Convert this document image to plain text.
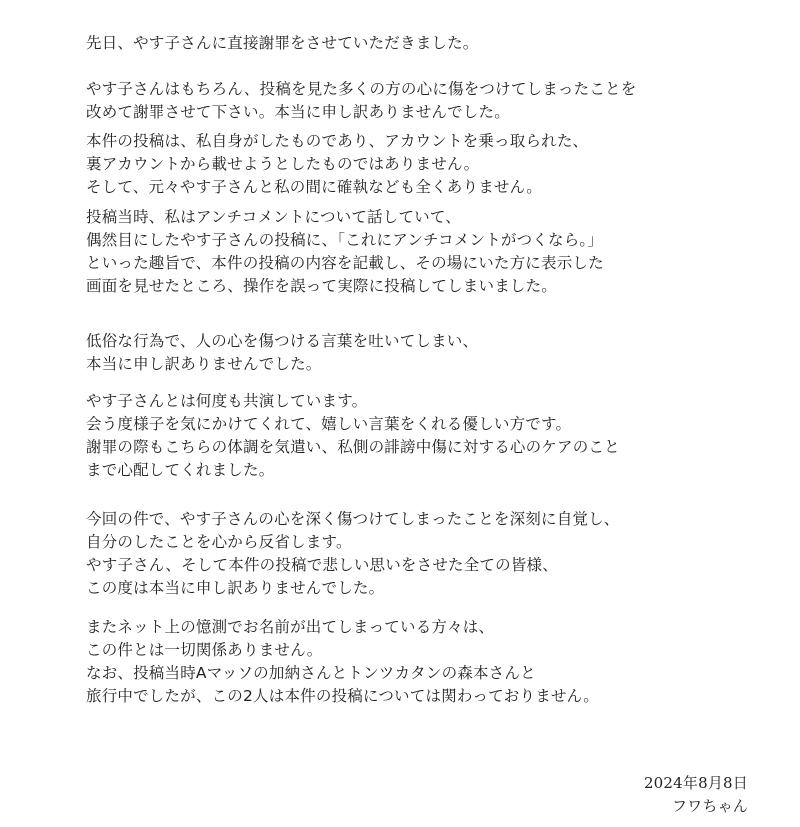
先日、やす子さんに直接謝罪をさせていただきました。
やす子さんはもちろん、投稿を見た多くの方の心に傷をつけてしまったことを
改めて謝罪させて下さい。本当に申し訳ありませんでした。
本件の投稿は、私自身がしたものであり、アカウントを乗っ取られた、
裏アカウントから載せようとしたものではありません。
そして、元々やす子さんと私の間に確執なども全くありません。
投稿当時、私はアンチコメントについて話していて、
偶然目にしたやす子さんの投稿に、「これにアンチコメントがつくなら。」
といった趣旨で、本件の投稿の内容を記載し、その場にいた方に表示した
画面を見せたところ、操作を誤って実際に投稿してしまいました。
低俗な行為で、人の心を傷つける言葉を吐いてしまい、
本当に申し訳ありませんでした。
やす子さんとは何度も共演しています。
会う度様子を気にかけてくれて、嬉しい言葉をくれる優しい方です。
謝罪の際もこちらの体調を気遣い、私側の誹謗中傷に対する心のケアのこと
まで心配してくれました。
今回の件で、やす子さんの心を深く傷つけてしまったことを深刻に自覚し、
自分のしたことを心から反省します。
やす子さん、そして本件の投稿で悲しい思いをさせた全ての皆様、
この度は本当に申し訳ありませんでした。
またネット上の憶測でお名前が出てしまっている方々は、
この件とは一切関係ありません。
なお、投稿当時Aマッソの加納さんとトンツカタンの森本さんと
旅行中でしたが、この2人は本件の投稿については関わっておりません。
2024年8月8日
フワちゃん
